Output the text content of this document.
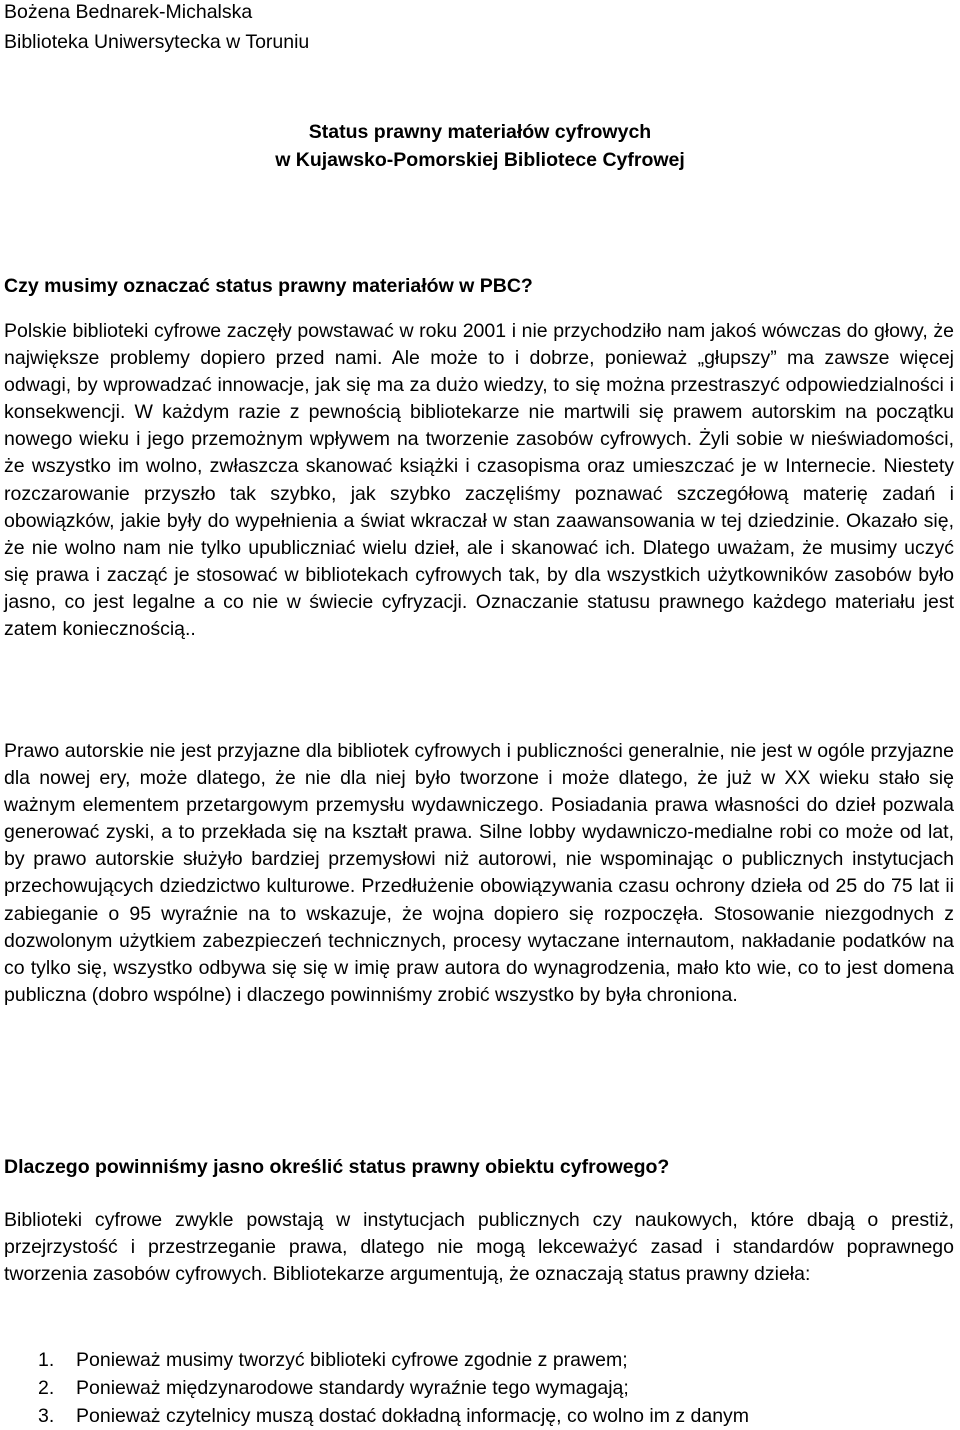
Bożena Bednarek-Michalska

Biblioteka Uniwersytecka w Toruniu

Status prawny materiałów cyfrowych
w Kujawsko-Pomorskiej Bibliotece Cyfrowej
Czy musimy oznaczać status prawny materiałów w PBC?
Polskie biblioteki cyfrowe zaczęły powstawać w roku 2001 i nie przychodziło nam jakoś wówczas do głowy, że największe problemy dopiero przed nami. Ale może to i dobrze, ponieważ „głupszy” ma zawsze więcej odwagi, by wprowadzać innowacje, jak się ma za dużo wiedzy, to się można przestraszyć odpowiedzialności i konsekwencji. W każdym razie z pewnością bibliotekarze nie martwili się prawem autorskim na początku nowego wieku i jego przemożnym wpływem na tworzenie zasobów cyfrowych. Żyli sobie w nieświadomości, że wszystko im wolno, zwłaszcza skanować książki i czasopisma oraz umieszczać je w Internecie. Niestety rozczarowanie przyszło tak szybko, jak szybko zaczęliśmy poznawać szczegółową materię zadań i obowiązków, jakie były do wypełnienia a świat wkraczał w stan zaawansowania w tej dziedzinie. Okazało się, że nie wolno nam nie tylko upubliczniać wielu dzieł, ale i skanować ich. Dlatego uważam, że musimy uczyć się prawa i zacząć je stosować w bibliotekach cyfrowych tak, by dla wszystkich użytkowników zasobów było jasno, co jest legalne a co nie w świecie cyfryzacji. Oznaczanie statusu prawnego każdego materiału jest zatem koniecznością..
Prawo autorskie nie jest przyjazne dla bibliotek cyfrowych i publiczności generalnie, nie jest w ogóle przyjazne dla nowej ery, może dlatego, że nie dla niej było tworzone i może dlatego, że już w XX wieku stało się ważnym elementem przetargowym przemysłu wydawniczego. Posiadania prawa własności do dzieł pozwala generować zyski, a to przekłada się na kształt prawa. Silne lobby wydawniczo-medialne robi co może od lat, by prawo autorskie służyło bardziej przemysłowi niż autorowi, nie wspominając o publicznych instytucjach przechowujących dziedzictwo kulturowe. Przedłużenie obowiązywania czasu ochrony dzieła od 25 do 75 lat ii zabieganie o 95 wyraźnie na to wskazuje, że wojna dopiero się rozpoczęła. Stosowanie niezgodnych z dozwolonym użytkiem zabezpieczeń technicznych, procesy wytaczane internautom, nakładanie podatków na co tylko się, wszystko odbywa się się w imię praw autora do wynagrodzenia, mało kto wie, co to jest domena publiczna (dobro wspólne) i dlaczego powinniśmy zrobić wszystko by była chroniona.
Dlaczego powinniśmy jasno określić status prawny obiektu cyfrowego?
Biblioteki cyfrowe zwykle powstają w instytucjach publicznych czy naukowych, które dbają o prestiż, przejrzystość i przestrzeganie prawa, dlatego nie mogą lekceważyć zasad i standardów poprawnego tworzenia zasobów cyfrowych. Bibliotekarze argumentują, że oznaczają status prawny dzieła:
1. Ponieważ musimy tworzyć biblioteki cyfrowe zgodnie z prawem;
2. Ponieważ międzynarodowe standardy wyraźnie tego wymagają;
3. Ponieważ czytelnicy muszą dostać dokładną informację, co wolno im z danym
